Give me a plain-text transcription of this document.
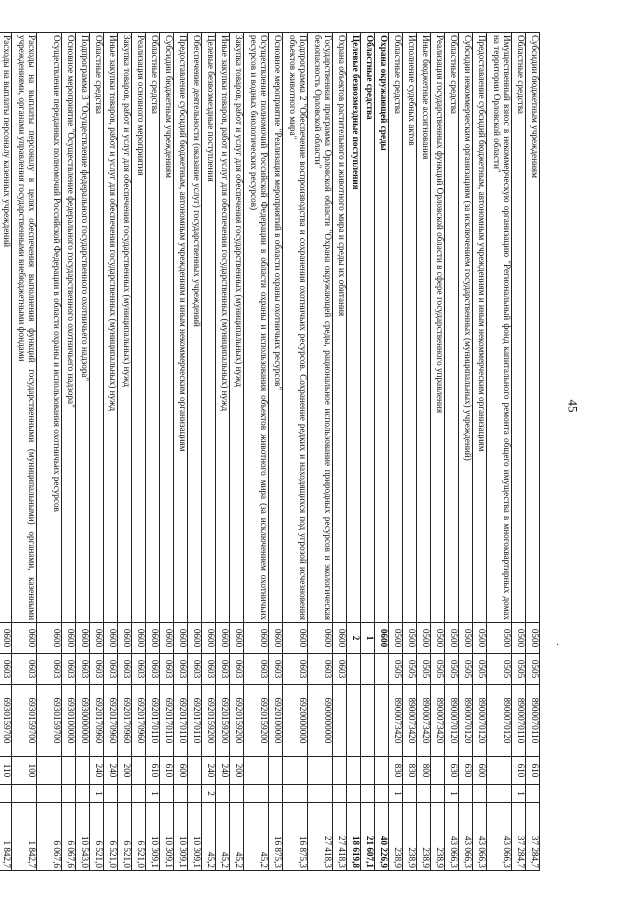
45
·
Субсидии бюджетным учреждениям	0500	0505	8900070110	610		37 284,7
Областные средства	0500	0505	8900070110	610	1	37 284,7
Имущественный взнос в некоммерческую организацию "Региональный фонд капитального ремонта общего имущества в многоквартирных домах на территории Орловской области"	0500	0505	8900070120			43 066,3
Предоставление субсидий бюджетным, автономным учреждениям и иным некоммерческим организациям	0500	0505	8900070120	600		43 066,3
Субсидии некоммерческим организациям (за исключением государственных (муниципальных) учреждений)	0500	0505	8900070120	630		43 066,3
Областные средства	0500	0505	8900070120	630	1	43 066,3
Реализация государственных функций Орловской области в сфере государственного управления	0500	0505	8900073420			238,9
Иные бюджетные ассигнования	0500	0505	8900073420	800		238,9
Исполнение судебных актов	0500	0505	8900073420	830		238,9
Областные средства	0500	0505	8900073420	830	1	238,9
Охрана окружающей среды	0600					40 226,9
Областные средства	1					21 607,1
Целевые безвозмездные поступления	2					18 619,8
Охрана объектов растительного и животного мира и среды их обитания	0600	0603				27 418,3
Государственная программа Орловской области "Охрана окружающей среды, рациональное использование природных ресурсов и экологическая безопасность Орловской области"	0600	0603	6900000000			27 418,3
Подпрограмма 2 "Обеспечение воспроизводства и сохранения охотничьих ресурсов. Сохранение редких и находящихся под угрозой исчезновения объектов животного мира"	0600	0603	6920000000			16 875,3
Основное мероприятие "Реализация мероприятий в области охраны охотничьих ресурсов"	0600	0603	6920100000			16 875,3
Осуществление полномочий Российской Федерации в области охраны и использования объектов животного мира (за исключением охотничьих ресурсов и водных биологических ресурсов)	0600	0603	6920159200			45,2
Закупка товаров, работ и услуг для обеспечения государственных (муниципальных) нужд	0600	0603	6920159200	200		45,2
Иные закупки товаров, работ и услуг для обеспечения государственных (муниципальных) нужд	0600	0603	6920159200	240		45,2
Целевые безвозмездные поступления	0600	0603	6920159200	240	2	45,2
Обеспечение деятельности (оказание услуг) государственных учреждений	0600	0603	6920170110			10 309,1
Предоставление субсидий бюджетным, автономным учреждениям и иным некоммерческим организациям	0600	0603	6920170110	600		10 309,1
Субсидии бюджетным учреждениям	0600	0603	6920170110	610		10 309,1
Областные средства	0600	0603	6920170110	610	1	10 309,1
Реализация основного мероприятия	0600	0603	6920170960			6 521,0
Закупка товаров, работ и услуг для обеспечения государственных (муниципальных) нужд	0600	0603	6920170960	200		6 521,0
Иные закупки товаров, работ и услуг для обеспечения государственных (муниципальных) нужд	0600	0603	6920170960	240		6 521,0
Областные средства	0600	0603	6920170960	240	1	6 521,0
Подпрограмма 3 "Осуществление федерального государственного охотничьего надзора"	0600	0603	6930000000			10 543,0
Основное мероприятие "Осуществление федерального государственного охотничьего надзора"	0600	0603	6930100000			6 067,6
Осуществление переданных полномочий Российской Федерации в области охраны и использования охотничьих ресурсов	0600	0603	6930159700			6 067,6
Расходы на выплаты персоналу в целях обеспечения выполнения функций государственными (муниципальными) органами, казенными учреждениями, органами управления государственными внебюджетными фондами	0600	0603	6930159700	100		1 842,7
Расходы на выплаты персоналу казенных учреждений	0600	0603	6930159700	110		1 842,7
